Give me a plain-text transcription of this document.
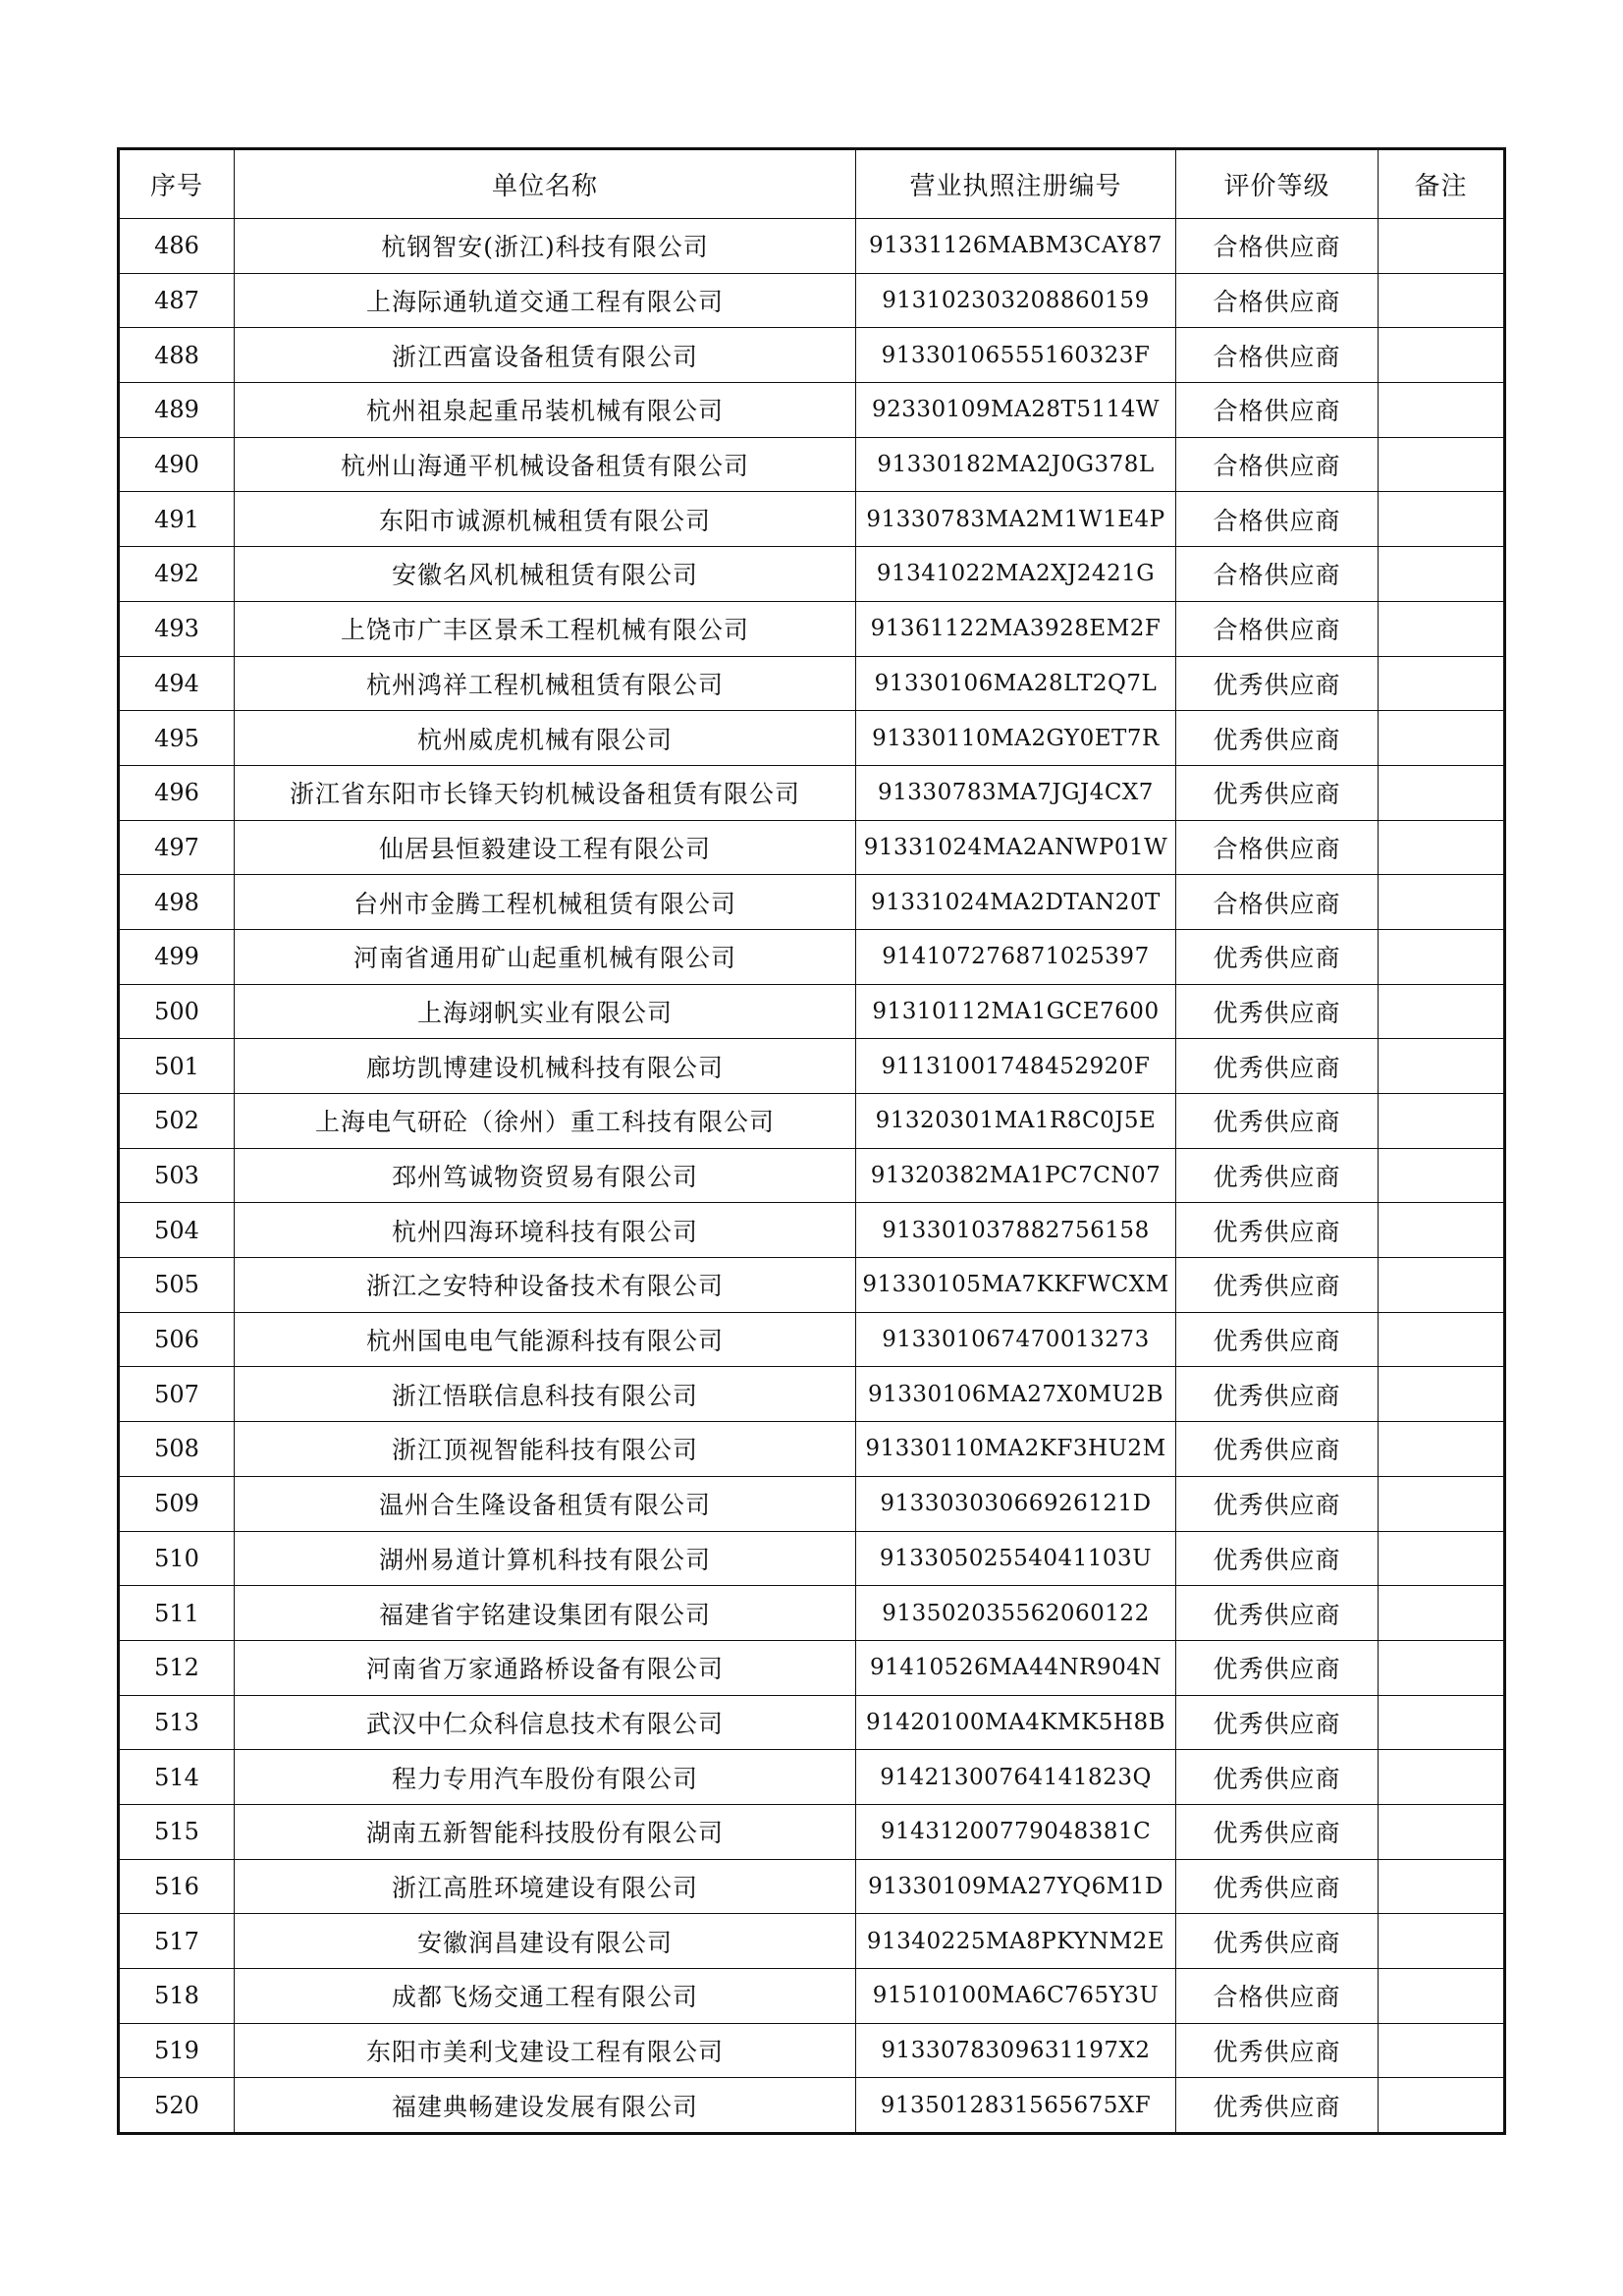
序号	单位名称	营业执照注册编号	评价等级	备注
486	杭钢智安(浙江)科技有限公司	91331126MABM3CAY87	合格供应商	
487	上海际通轨道交通工程有限公司	913102303208860159	合格供应商	
488	浙江西富设备租赁有限公司	91330106555160323F	合格供应商	
489	杭州祖泉起重吊装机械有限公司	92330109MA28T5114W	合格供应商	
490	杭州山海通平机械设备租赁有限公司	91330182MA2J0G378L	合格供应商	
491	东阳市诚源机械租赁有限公司	91330783MA2M1W1E4P	合格供应商	
492	安徽名风机械租赁有限公司	91341022MA2XJ2421G	合格供应商	
493	上饶市广丰区景禾工程机械有限公司	91361122MA3928EM2F	合格供应商	
494	杭州鸿祥工程机械租赁有限公司	91330106MA28LT2Q7L	优秀供应商	
495	杭州威虎机械有限公司	91330110MA2GY0ET7R	优秀供应商	
496	浙江省东阳市长锋天钧机械设备租赁有限公司	91330783MA7JGJ4CX7	优秀供应商	
497	仙居县恒毅建设工程有限公司	91331024MA2ANWP01W	合格供应商	
498	台州市金腾工程机械租赁有限公司	91331024MA2DTAN20T	合格供应商	
499	河南省通用矿山起重机械有限公司	914107276871025397	优秀供应商	
500	上海翊帆实业有限公司	91310112MA1GCE7600	优秀供应商	
501	廊坊凯博建设机械科技有限公司	91131001748452920F	优秀供应商	
502	上海电气研砼（徐州）重工科技有限公司	91320301MA1R8C0J5E	优秀供应商	
503	邳州笃诚物资贸易有限公司	91320382MA1PC7CN07	优秀供应商	
504	杭州四海环境科技有限公司	913301037882756158	优秀供应商	
505	浙江之安特种设备技术有限公司	91330105MA7KKFWCXM	优秀供应商	
506	杭州国电电气能源科技有限公司	913301067470013273	优秀供应商	
507	浙江悟联信息科技有限公司	91330106MA27X0MU2B	优秀供应商	
508	浙江顶视智能科技有限公司	91330110MA2KF3HU2M	优秀供应商	
509	温州合生隆设备租赁有限公司	91330303066926121D	优秀供应商	
510	湖州易道计算机科技有限公司	91330502554041103U	优秀供应商	
511	福建省宇铭建设集团有限公司	913502035562060122	优秀供应商	
512	河南省万家通路桥设备有限公司	91410526MA44NR904N	优秀供应商	
513	武汉中仁众科信息技术有限公司	91420100MA4KMK5H8B	优秀供应商	
514	程力专用汽车股份有限公司	91421300764141823Q	优秀供应商	
515	湖南五新智能科技股份有限公司	91431200779048381C	优秀供应商	
516	浙江高胜环境建设有限公司	91330109MA27YQ6M1D	优秀供应商	
517	安徽润昌建设有限公司	91340225MA8PKYNM2E	优秀供应商	
518	成都飞炀交通工程有限公司	91510100MA6C765Y3U	合格供应商	
519	东阳市美利戈建设工程有限公司	9133078309631197X2	优秀供应商	
520	福建典畅建设发展有限公司	9135012831565675XF	优秀供应商	
